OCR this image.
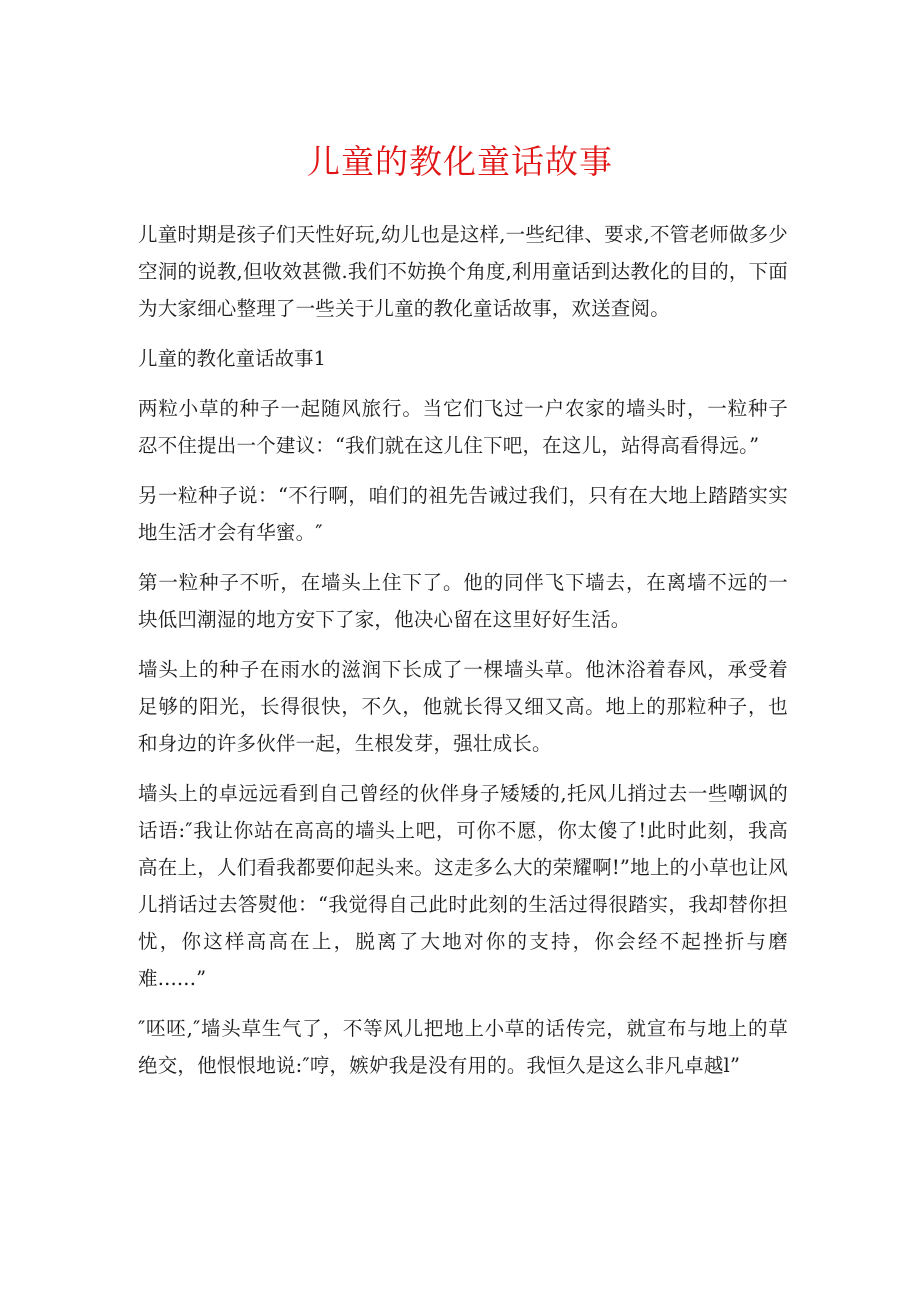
儿童的教化童话故事

儿童时期是孩子们天性好玩,幼儿也是这样,一些纪律、要求,不管老师做多少空洞的说教,但收效甚微.我们不妨换个角度,利用童话到达教化的目的，下面为大家细心整理了一些关于儿童的教化童话故事，欢送查阅。

儿童的教化童话故事1

两粒小草的种子一起随风旅行。当它们飞过一户农家的墙头时，一粒种子忍不住提出一个建议：“我们就在这儿住下吧，在这儿，站得高看得远。”

另一粒种子说：“不行啊，咱们的祖先告诫过我们，只有在大地上踏踏实实地生活才会有华蜜。″

第一粒种子不听，在墙头上住下了。他的同伴飞下墙去，在离墙不远的一块低凹潮湿的地方安下了家，他决心留在这里好好生活。

墙头上的种子在雨水的滋润下长成了一棵墙头草。他沐浴着春风，承受着足够的阳光，长得很快，不久，他就长得又细又高。地上的那粒种子，也和身边的许多伙伴一起，生根发芽，强壮成长。

墙头上的卓远远看到自己曾经的伙伴身子矮矮的,托风儿捎过去一些嘲讽的话语:″我让你站在高高的墙头上吧，可你不愿，你太傻了!此时此刻，我高高在上，人们看我都要仰起头来。这走多么大的荣耀啊!”地上的小草也让风儿捎话过去答熨他：“我觉得自己此时此刻的生活过得很踏实，我却替你担忧，你这样高高在上，脱离了大地对你的支持，你会经不起挫折与磨难......”

″呸呸,″墙头草生气了，不等风儿把地上小草的话传完，就宣布与地上的草绝交，他恨恨地说:″哼，嫉妒我是没有用的。我恒久是这么非凡卓越l”
